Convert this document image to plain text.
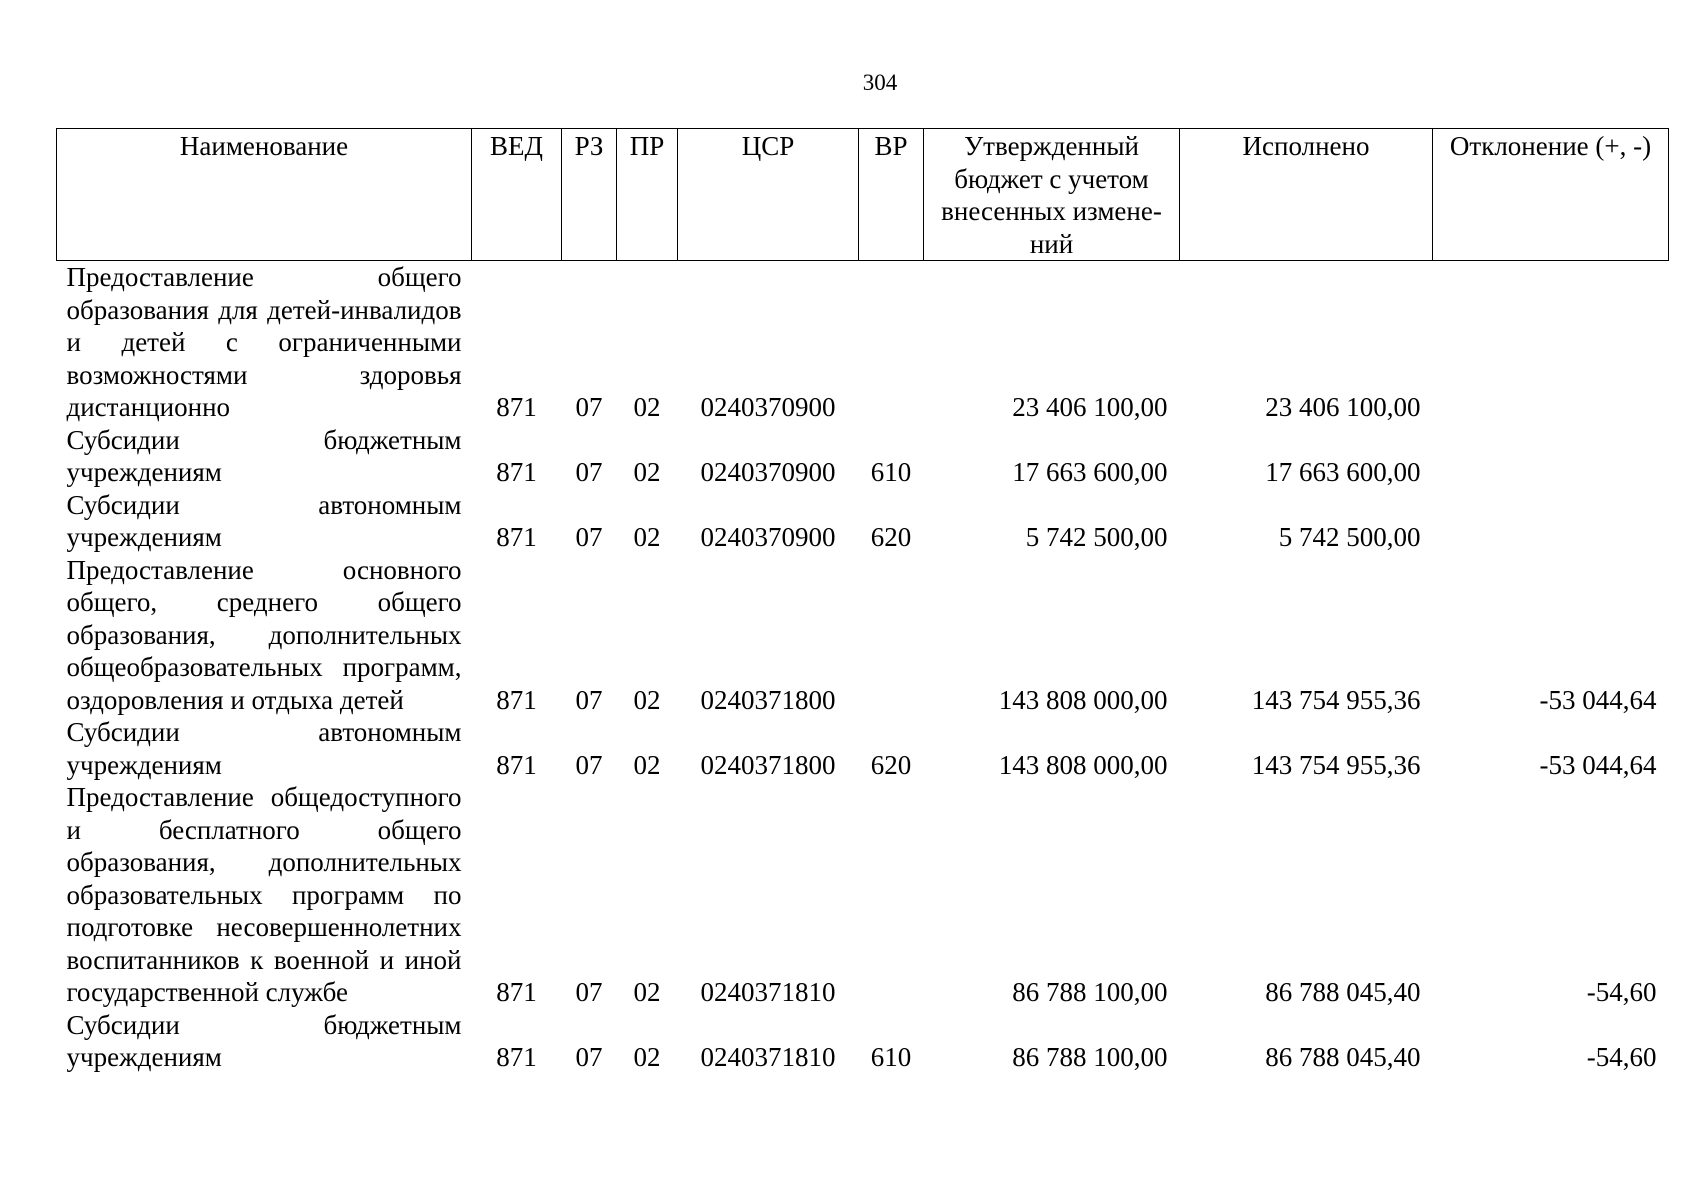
304
Наименование	ВЕД	РЗ	ПР	ЦСР	ВР	Утвержденный бюджет с учетом внесенных измене-ний	Исполнено	Отклонение (+, -)
Предоставление общего образования для детей-инвалидов и детей с ограниченными возможностями здоровья дистанционно	871	07	02	0240370900		23 406 100,00	23 406 100,00	
Субсидии бюджетным учреждениям	871	07	02	0240370900	610	17 663 600,00	17 663 600,00	
Субсидии автономным учреждениям	871	07	02	0240370900	620	5 742 500,00	5 742 500,00	
Предоставление основного общего, среднего общего образования, дополнительных общеобразовательных программ, оздоровления и отдыха детей	871	07	02	0240371800		143 808 000,00	143 754 955,36	-53 044,64
Субсидии автономным учреждениям	871	07	02	0240371800	620	143 808 000,00	143 754 955,36	-53 044,64
Предоставление общедоступного и бесплатного общего образования, дополнительных образовательных программ по подготовке несовершеннолетних воспитанников к военной и иной государственной службе	871	07	02	0240371810		86 788 100,00	86 788 045,40	-54,60
Субсидии бюджетным учреждениям	871	07	02	0240371810	610	86 788 100,00	86 788 045,40	-54,60
